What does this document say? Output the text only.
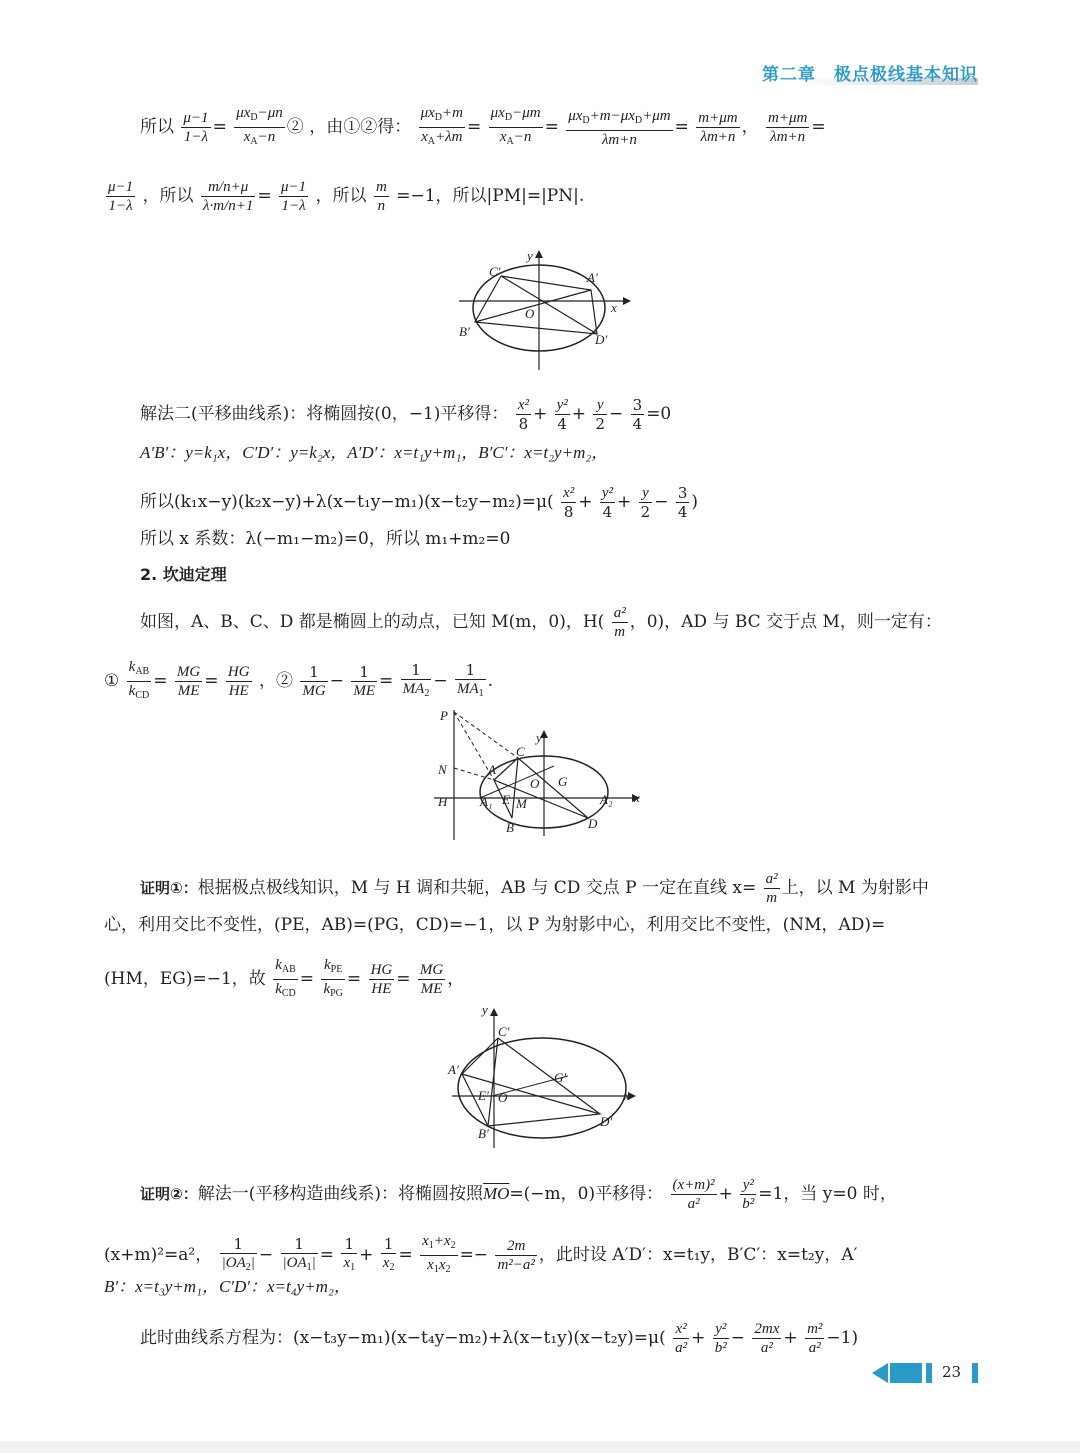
第二章　极点极线基本知识
所以 $\frac{\mu-1}{1-\lambda} = \frac{\mu x_D-\mu n}{x_A-n}$ ② ，由①②得： $\frac{\mu x_D+m}{x_A+\lambda m} = \frac{\mu x_D-\mu m}{x_A-n} = \frac{\mu x_D+m-\mu x_D+\mu m}{\lambda m+n} = \frac{m+\mu m}{\lambda m+n}$ ， $\frac{m+\mu m}{\lambda m+n}$ =
$\frac{\mu-1}{1-\lambda}$ ，所以 $\frac{m/n+\mu}{\lambda\cdot m/n+1} = \frac{\mu-1}{1-\lambda}$ ，所以 $\frac{m}{n} =-1$，所以|PM|=|PN|.
y
x
O
A′
C′
B′
D′
解法二(平移曲线系)：将椭圆按(0，−1)平移得： $\frac{\text{x²}}{8} + \frac{\text{y²}}{4} + \frac{y}{2} - \frac{3}{4} =0$
A′B′：y=k₁x，C′D′：y=k₂x，A′D′：x=t₁y+m₁，B′C′：x=t₂y+m₂，
所以$(k_1x-y)(k_2x-y)+\lambda(x-t_1y-m_1)(x-t_2y-m_2)=\mu( \frac{\text{x²}}{8} + \frac{\text{y²}}{4} + \frac{y}{2} - \frac{3}{4}$ )
所以 x 系数：λ(−m₁−m₂)=0，所以 m₁+m₂=0
2. 坎迪定理
如图，A、B、C、D 都是椭圆上的动点，已知 M(m，0)，$H( \frac{\text{a²}}{m}$ ，0)，AD 与 BC 交于点 M，则一定有：
① $\frac{k_{AB}}{k_{CD}} = \frac{MG}{ME} = \frac{HG}{HE}$ ，② $\frac{1}{MG} - \frac{1}{ME} = \frac{1}{MA_2} - \frac{1}{MA_1}$ .
P
N
H
A
A₁ E M
B
C
O G
A₂
D
y
x
证明①：根据极点极线知识，M 与 H 调和共轭，AB 与 CD 交点 P 一定在直线 $x= \frac{\text{a²}}{m}$ 上，以 M 为射影中
心，利用交比不变性，(PE，AB)=(PG，CD)=−1，以 P 为射影中心，利用交比不变性，(NM，AD)=
(HM，EG)=−1，故 $\frac{k_{AB}}{k_{CD}} = \frac{k_{PE}}{k_{PG}} = \frac{HG}{HE} = \frac{MG}{ME}$ ，
y
x
C′
A′
E′ O
G′
B′
D′
证明②：解法一(平移构造曲线系)：将椭圆按照$\overline{MO}=(-m$，0)平移得： $\frac{\text{(x+m)²}}{\text{a²}} + \frac{\text{y²}}{\text{b²}} =1$，当 y=0 时，
(x+m)²=a²， $\frac{1}{|OA_2|} - \frac{1}{|OA_1|} = \frac{1}{x_1} + \frac{1}{x_2} = \frac{x_1+x_2}{x_1x_2} =- \frac{2m}{\text{m²−a²}}$ ，此时设 A′D′：x=t₁y，B′C′：x=t₂y，A′
B′：x=t₃y+m₁，C′D′：x=t₄y+m₂，
此时曲线系方程为：$(x-t_3y-m_1)(x-t_4y-m_2)+\lambda(x-t_1y)(x-t_2y)=\mu( \frac{\text{x²}}{\text{a²}} + \frac{\text{y²}}{\text{b²}} - \frac{2mx}{\text{a²}} + \frac{\text{m²}}{\text{a²}} -1)$
23
